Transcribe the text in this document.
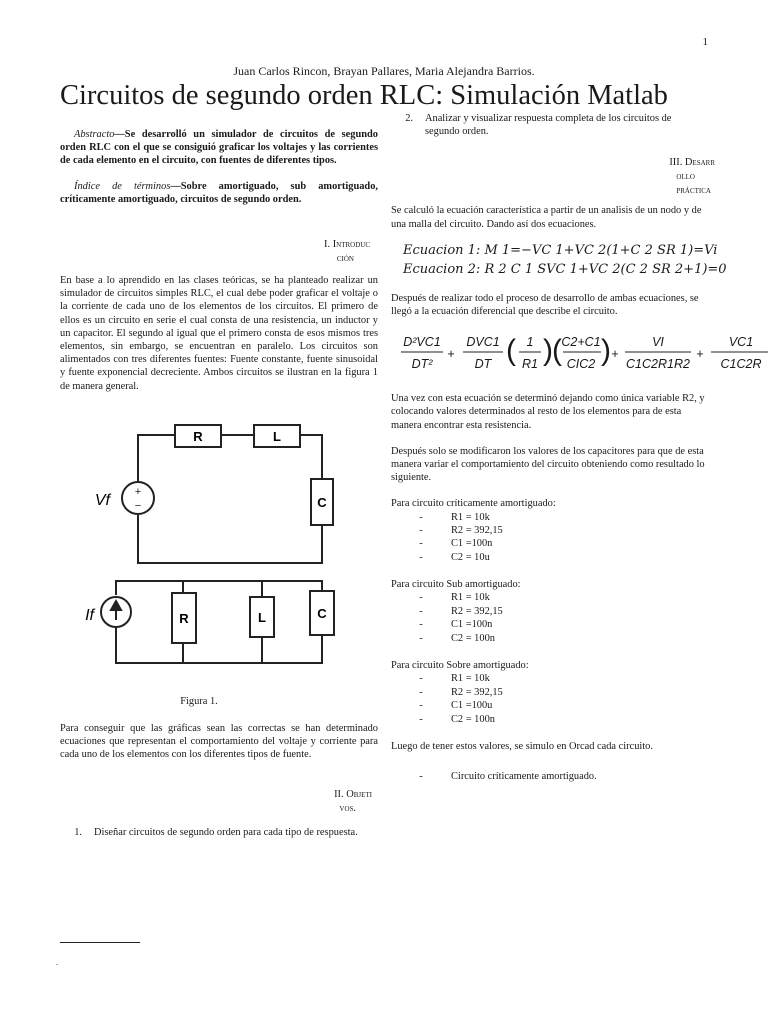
1
Juan Carlos Rincon, Brayan Pallares, Maria Alejandra Barrios.
Circuitos de segundo orden RLC: Simulación Matlab

Abstracto—Se desarrolló un simulador de circuitos de segundo orden RLC con el que se consiguió graficar los voltajes y las corrientes de cada elemento en el circuito, con fuentes de diferentes tipos.

Índice de términos—Sobre amortiguado, sub amortiguado, críticamente amortiguado, circuitos de segundo orden.

I. Introduc
ción

En base a lo aprendido en las clases teóricas, se ha planteado realizar un simulador de circuitos simples RLC, el cual debe poder graficar el voltaje o la corriente de cada uno de los elementos de los circuitos. El primero de ellos es un circuito en serie el cual consta de una resistencia, un inductor y un capacitor. El segundo al igual que el primero consta de esos mismos tres elementos, sin embargo, se encuentran en paralelo. Los circuitos son alimentados con tres diferentes fuentes: Fuente constante, fuente sinusoidal y fuente exponencial decreciente. Ambos circuitos se ilustran en la figura 1 de manera general.

+
−
R	L
C
Vf
R	L	C
If
Figura 1.

Para conseguir que las gráficas sean las correctas se han determinado ecuaciones que representan el comportamiento del voltaje y corriente para cada uno de los elementos con los diferentes tipos de fuente.

II. Objeti
vos.
1.	Diseñar circuitos de segundo orden para cada tipo de respuesta.
.
2.	Analizar y visualizar respuesta completa de los circuitos de segundo orden.
III. Desarr
ollo
práctica

Se calculó la ecuación característica a partir de un analisis de un nodo y de una malla del circuito. Dando así dos ecuaciones.

Ecuacion 1: M 1=−VC 1+VC 2(1+C 2 SR 1)=Vi
Ecuacion 2: R 2 C 1 SVC 1+VC 2(C 2 SR 2+1)=0

Después de realizar todo el proceso de desarrollo de ambas ecuaciones, se llegó a la ecuación diferencial que describe el circuito.

D²VC1
DT²
+
DVC1
DT ( 1
R1 ) ( C2+C1
CIC2 ) +
VI
C1C2R1R2
+
VC1
C1C2R

Una vez con esta ecuación se determinó dejando como única variable R2, y colocando valores determinados al resto de los elementos para de esta manera encontrar esta resistencia.

Después solo se modificaron los valores de los capacitores para que de esta manera variar el comportamiento del circuito obteniendo como resultado lo siguiente.

Para circuito críticamente amortiguado:

-	R1 = 10k
-	R2 = 392,15
-	C1 =100n
-	C2 = 10u

Para circuito Sub amortiguado:

-	R1 = 10k
-	R2 = 392,15
-	C1 =100n
-	C2 = 100n

Para circuito Sobre amortiguado:

-	R1 = 10k
-	R2 = 392,15
-	C1 =100u
-	C2 = 100n

Luego de tener estos valores, se simulo en Orcad cada circuito.

-	Circuito críticamente amortiguado.
